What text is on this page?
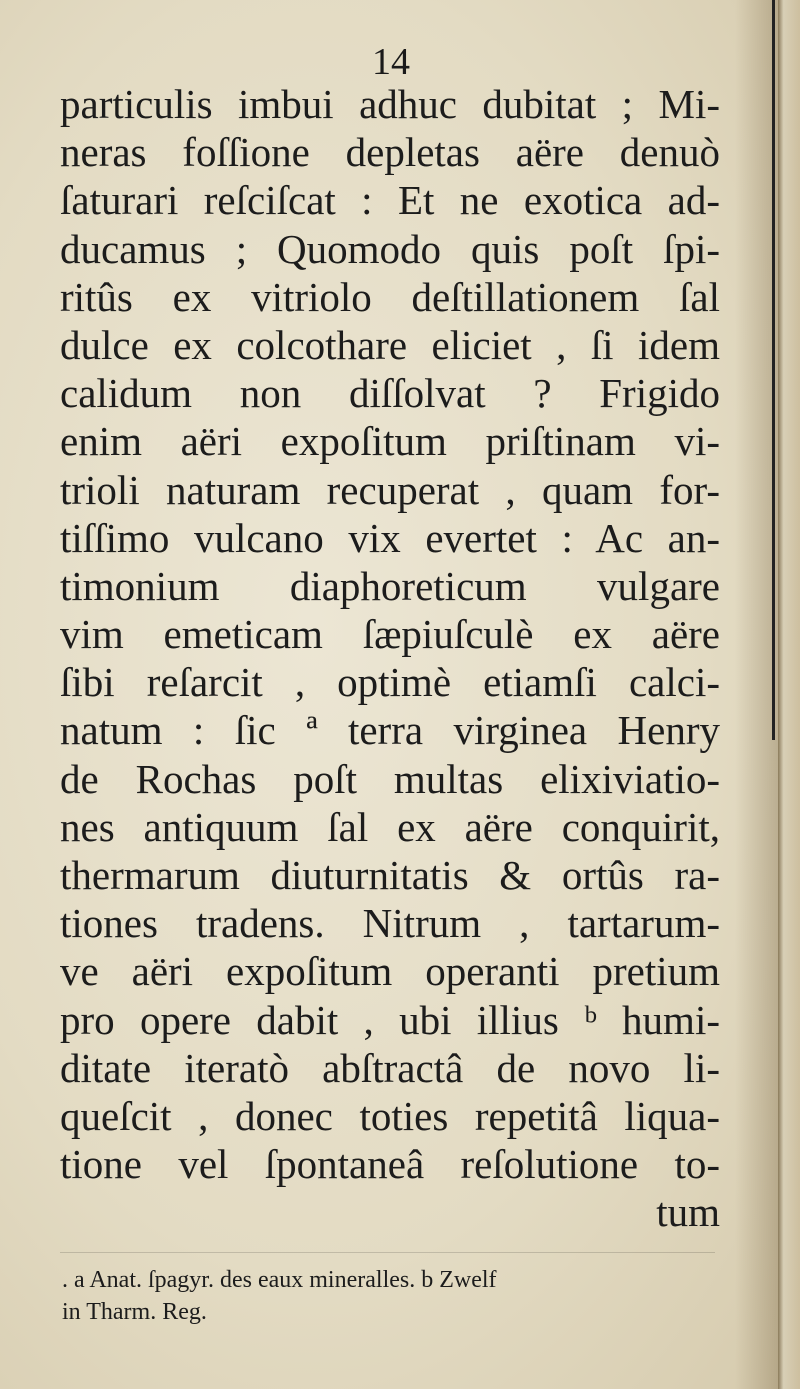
14
particulis imbui adhuc dubitat ; Mi-
neras foſſione depletas aëre denuò
ſaturari reſciſcat : Et ne exotica ad-
ducamus ; Quomodo quis poſt ſpi-
ritûs ex vitriolo deſtillationem ſal
dulce ex colcothare eliciet , ſi idem
calidum non diſſolvat ? Frigido
enim aëri expoſitum priſtinam vi-
trioli naturam recuperat , quam for-
tiſſimo vulcano vix evertet : Ac an-
timonium diaphoreticum vulgare
vim emeticam ſæpiuſculè ex aëre
ſibi reſarcit , optimè etiamſi calci-
natum : ſic ª terra virginea Henry
de Rochas poſt multas elixiviatio-
nes antiquum ſal ex aëre conquirit,
thermarum diuturnitatis & ortûs ra-
tiones tradens. Nitrum , tartarum-
ve aëri expoſitum operanti pretium
pro opere dabit , ubi illius ᵇ humi-
ditate iteratò abſtractâ de novo li-
queſcit , donec toties repetitâ liqua-
tione vel ſpontaneâ reſolutione to-
tum
. a Anat. ſpagyr. des eaux mineralles. b Zwelf
in Tharm. Reg.
